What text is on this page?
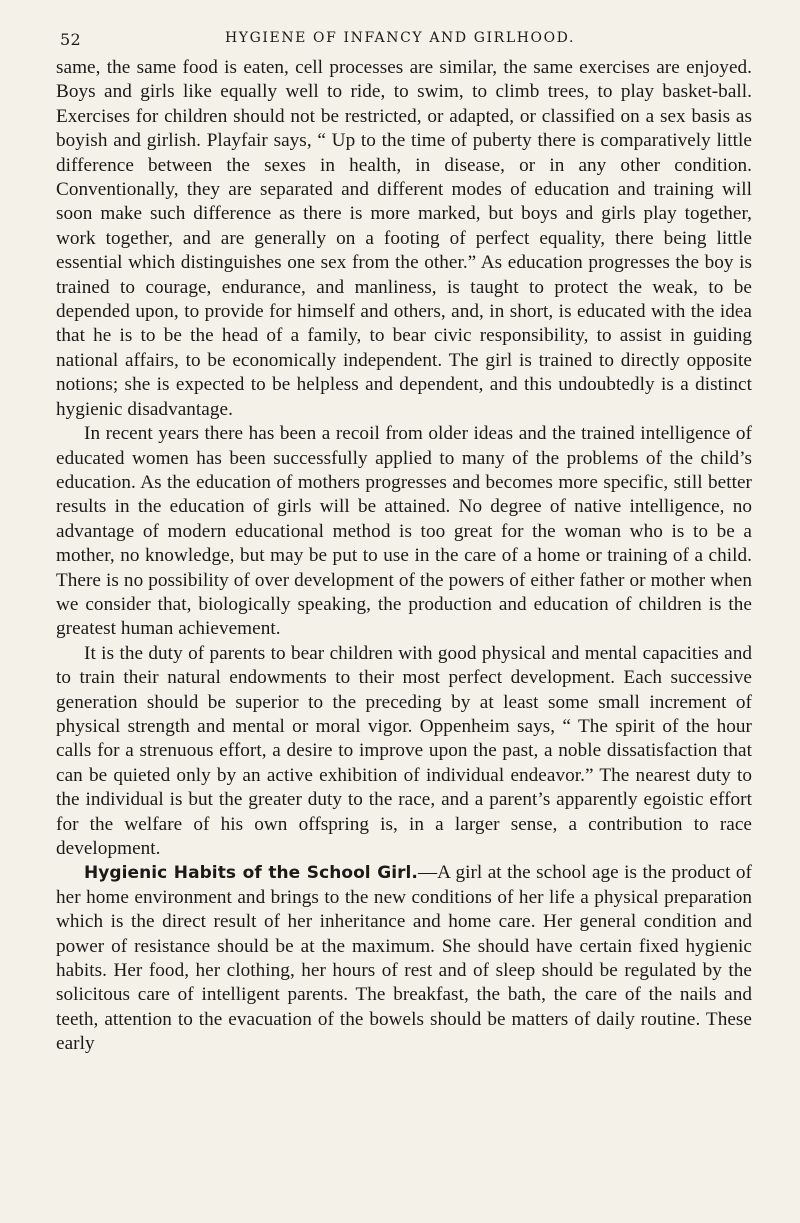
52	HYGIENE OF INFANCY AND GIRLHOOD.

same, the same food is eaten, cell processes are similar, the same exercises are enjoyed. Boys and girls like equally well to ride, to swim, to climb trees, to play basket-ball. Exercises for children should not be restricted, or adapted, or classified on a sex basis as boyish and girlish. Playfair says, “ Up to the time of puberty there is comparatively little difference between the sexes in health, in disease, or in any other condition. Conventionally, they are separated and different modes of education and training will soon make such difference as there is more marked, but boys and girls play together, work together, and are generally on a footing of perfect equality, there being little essential which distinguishes one sex from the other.” As education progresses the boy is trained to courage, endurance, and manliness, is taught to protect the weak, to be depended upon, to provide for himself and others, and, in short, is educated with the idea that he is to be the head of a family, to bear civic responsibility, to assist in guiding national affairs, to be economically independent. The girl is trained to directly opposite notions; she is expected to be helpless and dependent, and this undoubtedly is a distinct hygienic disadvantage.

In recent years there has been a recoil from older ideas and the trained intelligence of educated women has been successfully applied to many of the problems of the child’s education. As the education of mothers progresses and becomes more specific, still better results in the education of girls will be attained. No degree of native intelligence, no advantage of modern educational method is too great for the woman who is to be a mother, no knowledge, but may be put to use in the care of a home or training of a child. There is no possibility of over development of the powers of either father or mother when we consider that, biologically speaking, the production and education of children is the greatest human achievement.

It is the duty of parents to bear children with good physical and mental capacities and to train their natural endowments to their most perfect development. Each successive generation should be superior to the preceding by at least some small increment of physical strength and mental or moral vigor. Oppenheim says, “ The spirit of the hour calls for a strenuous effort, a desire to improve upon the past, a noble dissatisfaction that can be quieted only by an active exhibition of individual endeavor.” The nearest duty to the individual is but the greater duty to the race, and a parent’s apparently egoistic effort for the welfare of his own offspring is, in a larger sense, a contribution to race development.

Hygienic Habits of the School Girl.—A girl at the school age is the product of her home environment and brings to the new conditions of her life a physical preparation which is the direct result of her inheritance and home care. Her general condition and power of resistance should be at the maximum. She should have certain fixed hygienic habits. Her food, her clothing, her hours of rest and of sleep should be regulated by the solicitous care of intelligent parents. The breakfast, the bath, the care of the nails and teeth, attention to the evacuation of the bowels should be matters of daily routine. These early
